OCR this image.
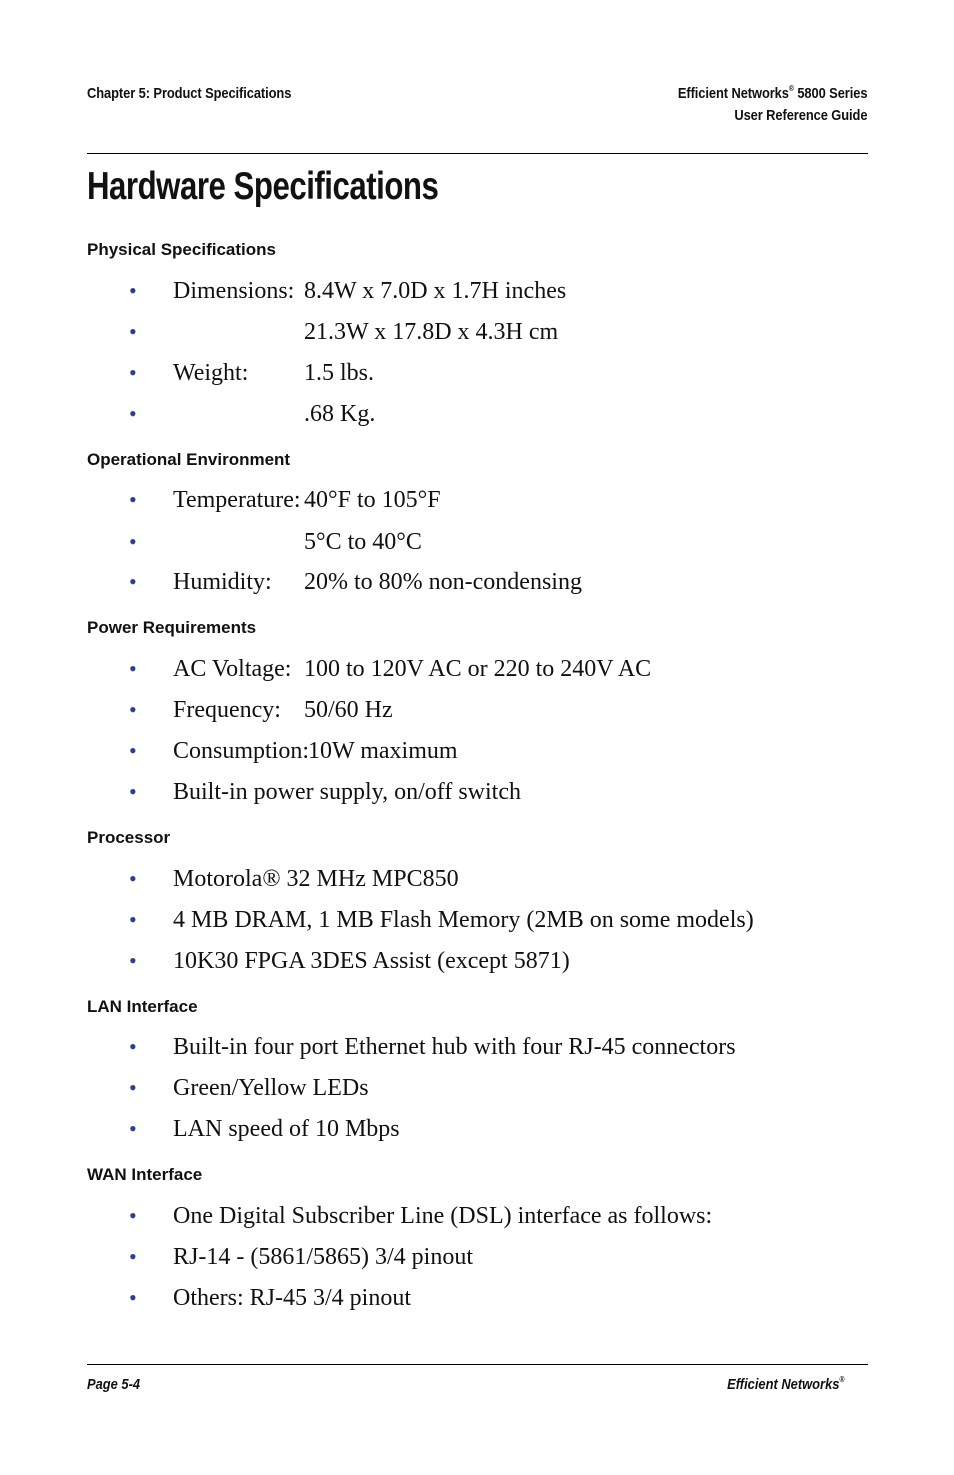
Chapter 5: Product Specifications	Efficient Networks® 5800 Series
User Reference Guide
Hardware Specifications
Physical Specifications
• Dimensions: 8.4W x 7.0D x 1.7H inches
•	21.3W x 17.8D x 4.3H cm
• Weight: 1.5 lbs.
•	.68 Kg.
Operational Environment
• Temperature: 40°F to 105°F
•	5°C to 40°C
• Humidity: 20% to 80% non-condensing
Power Requirements
• AC Voltage: 100 to 120V AC or 220 to 240V AC
• Frequency: 50/60 Hz
• Consumption:
10W maximum
• Built-in power supply, on/off switch
Processor
• Motorola® 32 MHz MPC850
• 4 MB DRAM, 1 MB Flash Memory (2MB on some models)
• 10K30 FPGA 3DES Assist (except 5871)
LAN Interface
• Built-in four port Ethernet hub with four RJ-45 connectors
• Green/Yellow LEDs
• LAN speed of 10 Mbps
WAN Interface
• One Digital Subscriber Line (DSL) interface as follows:
• RJ-14 - (5861/5865) 3/4 pinout
• Others: RJ-45 3/4 pinout
Page 5-4	Efficient Networks®
